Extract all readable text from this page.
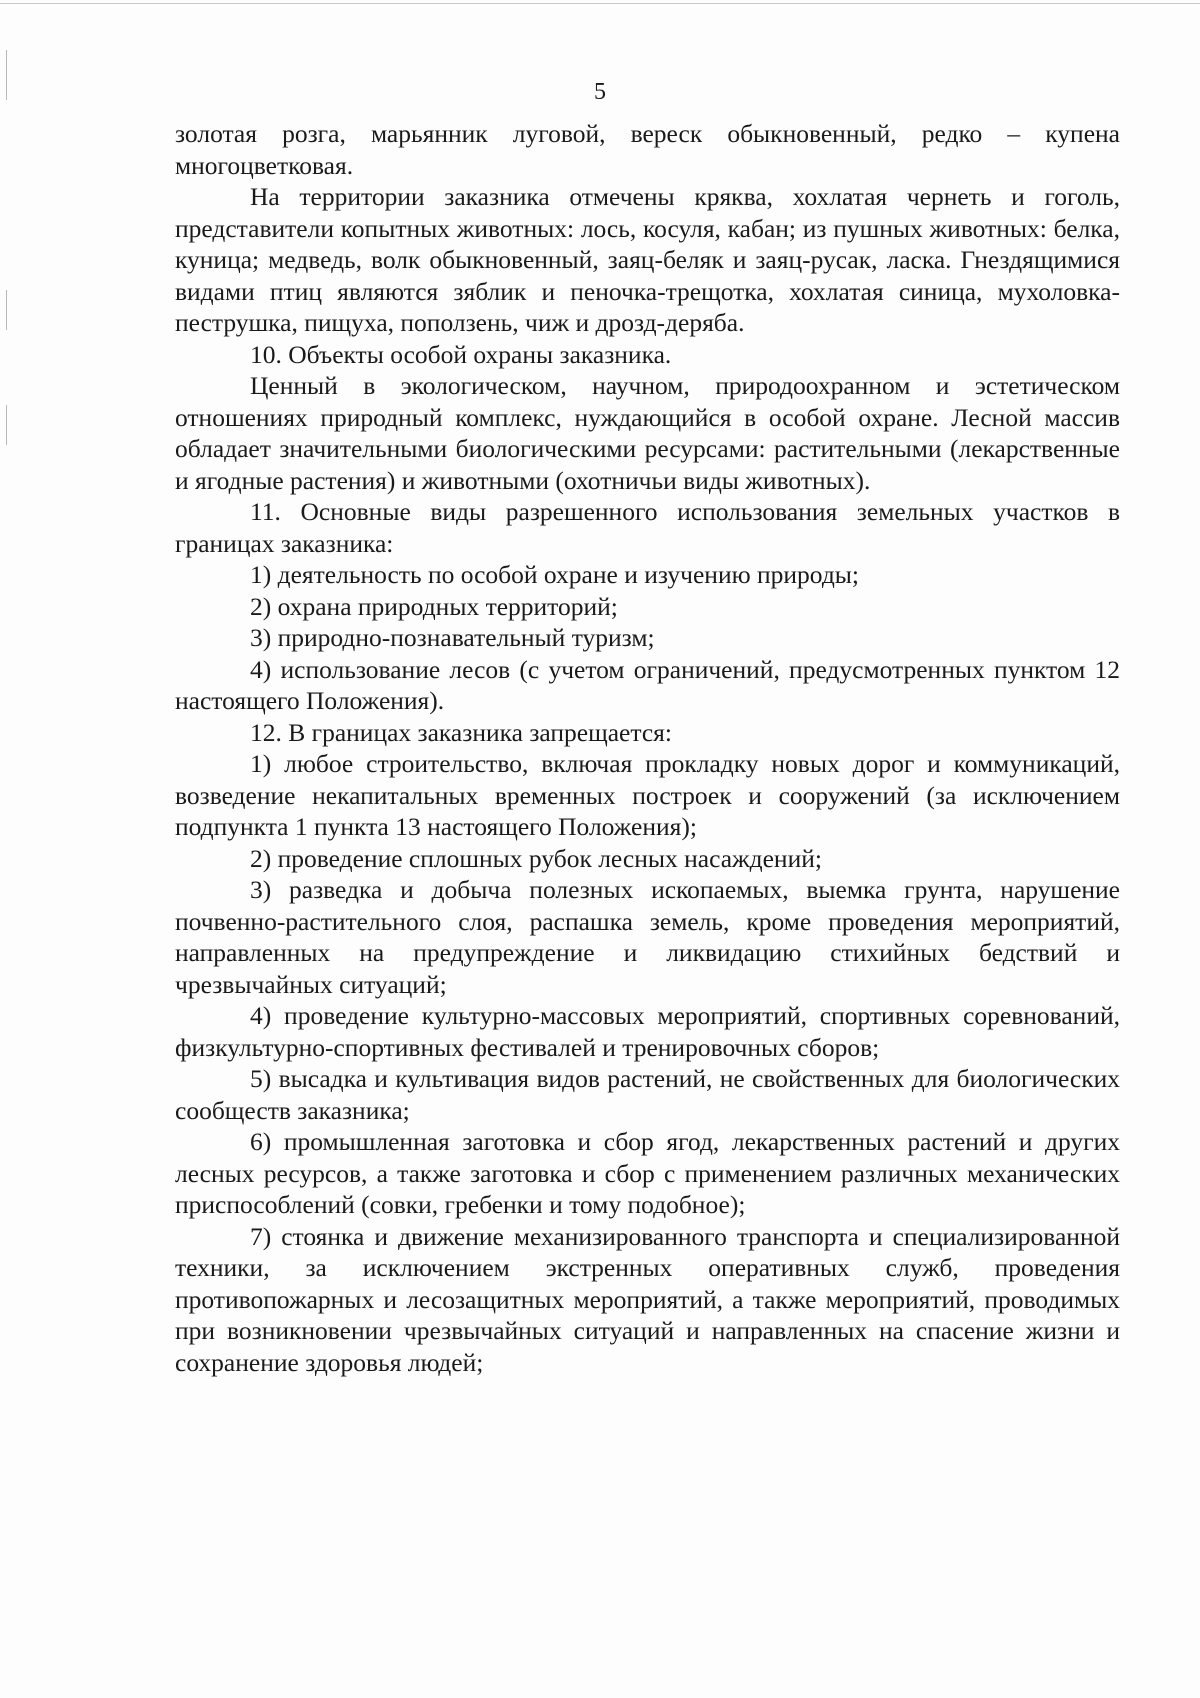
5

золотая розга, марьянник луговой, вереск обыкновенный, редко – купена многоцветковая.

На территории заказника отмечены кряква, хохлатая чернеть и гоголь, представители копытных животных: лось, косуля, кабан; из пушных животных: белка, куница; медведь, волк обыкновенный, заяц-беляк и заяц-русак, ласка. Гнездящимися видами птиц являются зяблик и пеночка-трещотка, хохлатая синица, мухоловка-пеструшка, пищуха, поползень, чиж и дрозд-деряба.

10. Объекты особой охраны заказника.

Ценный в экологическом, научном, природоохранном и эстетическом отношениях природный комплекс, нуждающийся в особой охране. Лесной массив обладает значительными биологическими ресурсами: растительными (лекарственные и ягодные растения) и животными (охотничьи виды животных).

11. Основные виды разрешенного использования земельных участков в границах заказника:

1) деятельность по особой охране и изучению природы;

2) охрана природных территорий;

3) природно-познавательный туризм;

4) использование лесов (с учетом ограничений, предусмотренных пунктом 12 настоящего Положения).

12. В границах заказника запрещается:

1) любое строительство, включая прокладку новых дорог и коммуникаций, возведение некапитальных временных построек и сооружений (за исключением подпункта 1 пункта 13 настоящего Положения);

2) проведение сплошных рубок лесных насаждений;

3) разведка и добыча полезных ископаемых, выемка грунта, нарушение почвенно-растительного слоя, распашка земель, кроме проведения мероприятий, направленных на предупреждение и ликвидацию стихийных бедствий и чрезвычайных ситуаций;

4) проведение культурно-массовых мероприятий, спортивных соревнований, физкультурно-спортивных фестивалей и тренировочных сборов;

5) высадка и культивация видов растений, не свойственных для биологических сообществ заказника;

6) промышленная заготовка и сбор ягод, лекарственных растений и других лесных ресурсов, а также заготовка и сбор с применением различных механических приспособлений (совки, гребенки и тому подобное);

7) стоянка и движение механизированного транспорта и специализированной техники, за исключением экстренных оперативных служб, проведения противопожарных и лесозащитных мероприятий, а также мероприятий, проводимых при возникновении чрезвычайных ситуаций и направленных на спасение жизни и сохранение здоровья людей;
